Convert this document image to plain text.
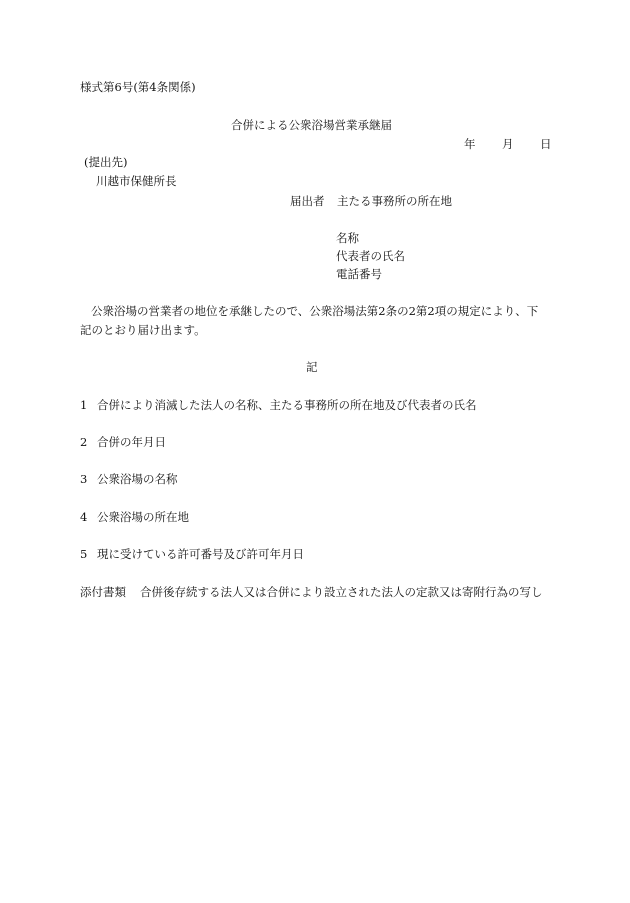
様式第6号(第4条関係)
合併による公衆浴場営業承継届
年 月 日
(提出先)
川越市保健所長
届出者 主たる事務所の所在地
名称
代表者の氏名
電話番号
公衆浴場の営業者の地位を承継したので、公衆浴場法第2条の2第2項の規定により、下
記のとおり届け出ます。
記
1 合併により消滅した法人の名称、主たる事務所の所在地及び代表者の氏名
2 合併の年月日
3 公衆浴場の名称
4 公衆浴場の所在地
5 現に受けている許可番号及び許可年月日
添付書類 合併後存続する法人又は合併により設立された法人の定款又は寄附行為の写し
